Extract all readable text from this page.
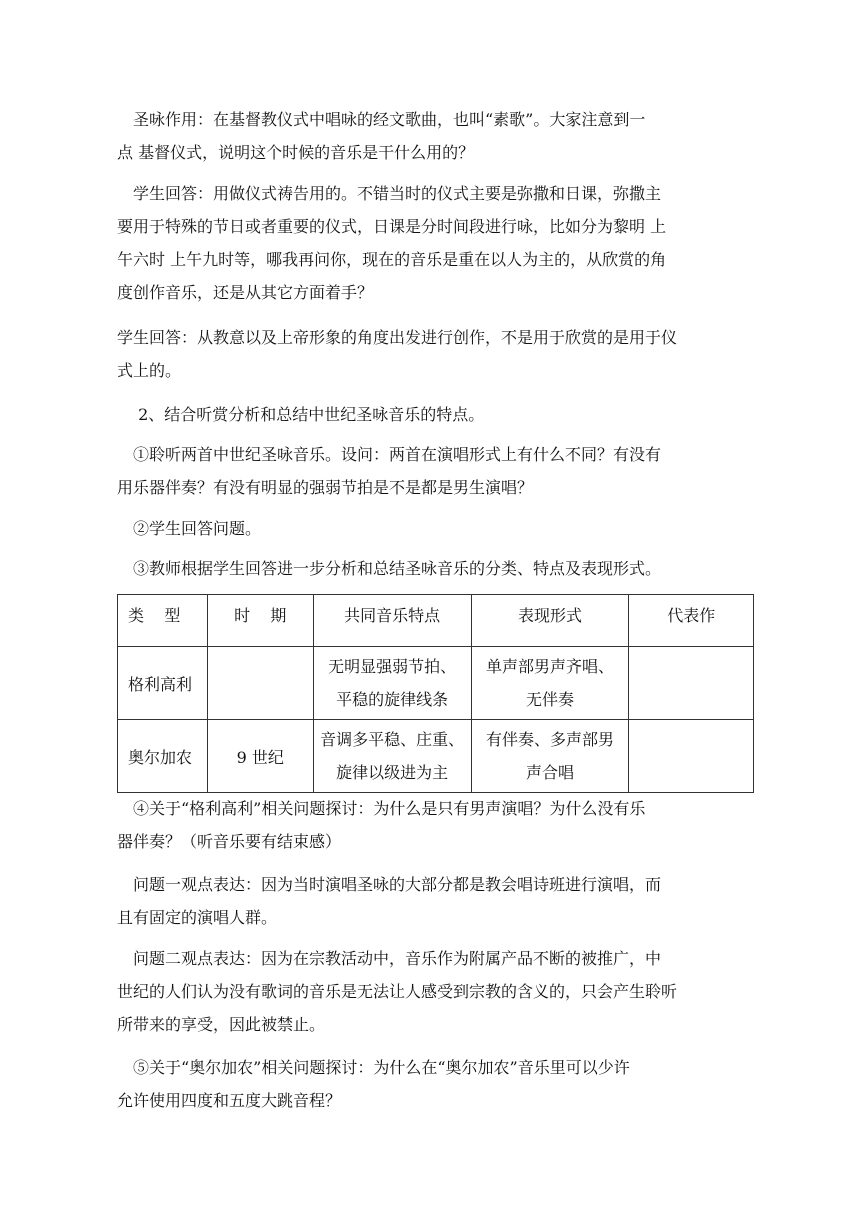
　圣咏作用：在基督教仪式中唱咏的经文歌曲，也叫“素歌”。大家注意到一
点 基督仪式，说明这个时候的音乐是干什么用的？
　学生回答：用做仪式祷告用的。不错当时的仪式主要是弥撒和日课，弥撒主
要用于特殊的节日或者重要的仪式，日课是分时间段进行咏，比如分为黎明 上
午六时 上午九时等，哪我再问你，现在的音乐是重在以人为主的，从欣赏的角
度创作音乐，还是从其它方面着手？
学生回答：从教意以及上帝形象的角度出发进行创作，不是用于欣赏的是用于仪
式上的。
　 2、结合听赏分析和总结中世纪圣咏音乐的特点。
　①聆听两首中世纪圣咏音乐。设问：两首在演唱形式上有什么不同？有没有
用乐器伴奏？有没有明显的强弱节拍是不是都是男生演唱？
　②学生回答问题。
　③教师根据学生回答进一步分析和总结圣咏音乐的分类、特点及表现形式。
类    型	时    期	共同音乐特点	表现形式	代表作
格利高利		无明显强弱节拍、
平稳的旋律线条	单声部男声齐唱、
无伴奏	

奥尔加农	9 世纪	音调多平稳、庄重、
旋律以级进为主	有伴奏、多声部男
声合唱	

　④关于“格利高利”相关问题探讨：为什么是只有男声演唱？为什么没有乐
器伴奏？（听音乐要有结束感）
　问题一观点表达：因为当时演唱圣咏的大部分都是教会唱诗班进行演唱，而
且有固定的演唱人群。
　问题二观点表达：因为在宗教活动中，音乐作为附属产品不断的被推广，中
世纪的人们认为没有歌词的音乐是无法让人感受到宗教的含义的，只会产生聆听
所带来的享受，因此被禁止。
　⑤关于“奥尔加农”相关问题探讨：为什么在“奥尔加农”音乐里可以少许
允许使用四度和五度大跳音程？
